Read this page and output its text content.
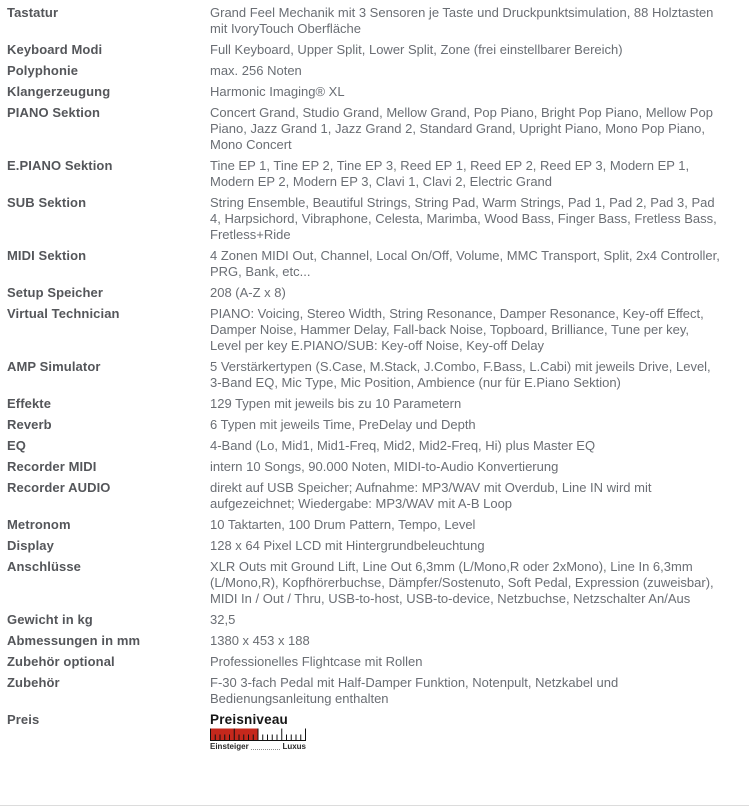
Tastatur	Grand Feel Mechanik mit 3 Sensoren je Taste und Druckpunktsimulation, 88 Holztasten mit IvoryTouch Oberfläche
Keyboard Modi	Full Keyboard, Upper Split, Lower Split, Zone (frei einstellbarer Bereich)
Polyphonie	max. 256 Noten
Klangerzeugung	Harmonic Imaging® XL
PIANO Sektion	Concert Grand, Studio Grand, Mellow Grand, Pop Piano, Bright Pop Piano, Mellow Pop Piano, Jazz Grand 1, Jazz Grand 2, Standard Grand, Upright Piano, Mono Pop Piano, Mono Concert
E.PIANO Sektion	Tine EP 1, Tine EP 2, Tine EP 3, Reed EP 1, Reed EP 2, Reed EP 3, Modern EP 1, Modern EP 2, Modern EP 3, Clavi 1, Clavi 2, Electric Grand
SUB Sektion	String Ensemble, Beautiful Strings, String Pad, Warm Strings, Pad 1, Pad 2, Pad 3, Pad 4, Harpsichord, Vibraphone, Celesta, Marimba, Wood Bass, Finger Bass, Fretless Bass, Fretless+Ride
MIDI Sektion	4 Zonen MIDI Out, Channel, Local On/Off, Volume, MMC Transport, Split, 2x4 Controller, PRG, Bank, etc...
Setup Speicher	208 (A-Z x 8)
Virtual Technician	PIANO: Voicing, Stereo Width, String Resonance, Damper Resonance, Key-off Effect, Damper Noise, Hammer Delay, Fall-back Noise, Topboard, Brilliance, Tune per key, Level per key E.PIANO/SUB: Key-off Noise, Key-off Delay
AMP Simulator	5 Verstärkertypen (S.Case, M.Stack, J.Combo, F.Bass, L.Cabi) mit jeweils Drive, Level, 3-Band EQ, Mic Type, Mic Position, Ambience (nur für E.Piano Sektion)
Effekte	129 Typen mit jeweils bis zu 10 Parametern
Reverb	6 Typen mit jeweils Time, PreDelay und Depth
EQ	4-Band (Lo, Mid1, Mid1-Freq, Mid2, Mid2-Freq, Hi) plus Master EQ
Recorder MIDI	intern 10 Songs, 90.000 Noten, MIDI-to-Audio Konvertierung
Recorder AUDIO	direkt auf USB Speicher; Aufnahme: MP3/WAV mit Overdub, Line IN wird mit aufgezeichnet; Wiedergabe: MP3/WAV mit A-B Loop
Metronom	10 Taktarten, 100 Drum Pattern, Tempo, Level
Display	128 x 64 Pixel LCD mit Hintergrundbeleuchtung
Anschlüsse	XLR Outs mit Ground Lift, Line Out 6,3mm (L/Mono,R oder 2xMono), Line In 6,3mm (L/Mono,R), Kopfhörerbuchse, Dämpfer/Sostenuto, Soft Pedal, Expression (zuweisbar), MIDI In / Out / Thru, USB-to-host, USB-to-device, Netzbuchse, Netzschalter An/Aus
Gewicht in kg	32,5
Abmessungen in mm	1380 x 453 x 188
Zubehör optional	Professionelles Flightcase mit Rollen
Zubehör	F-30 3-fach Pedal mit Half-Damper Funktion, Notenpult, Netzkabel und Bedienungsanleitung enthalten
Preis	Preisniveau
Einsteiger	Luxus
